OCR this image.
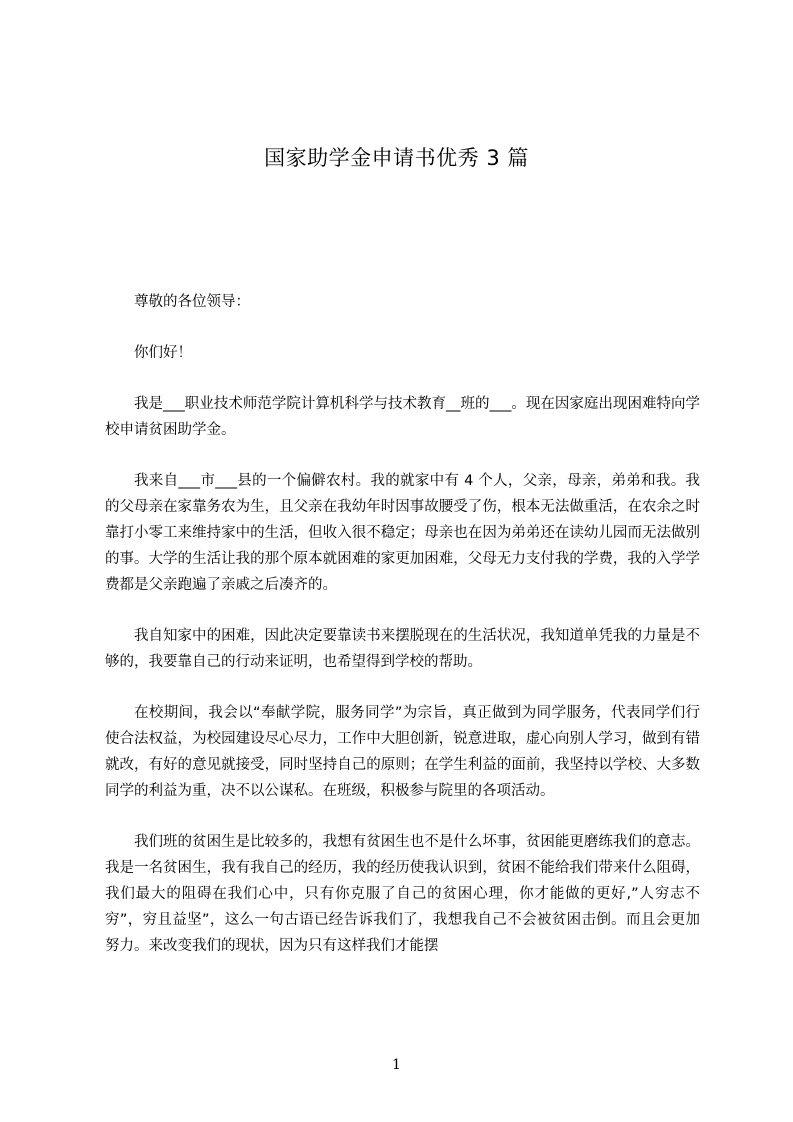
国家助学金申请书优秀 3 篇

尊敬的各位领导：

你们好！

我是___职业技术师范学院计算机科学与技术教育__班的___。现在因家庭出现困难特向学校申请贫困助学金。

我来自___市___县的一个偏僻农村。我的就家中有 4 个人，父亲，母亲，弟弟和我。我的父母亲在家靠务农为生，且父亲在我幼年时因事故腰受了伤，根本无法做重活，在农余之时靠打小零工来维持家中的生活，但收入很不稳定；母亲也在因为弟弟还在读幼儿园而无法做别的事。大学的生活让我的那个原本就困难的家更加困难，父母无力支付我的学费，我的入学学费都是父亲跑遍了亲戚之后凑齐的。

我自知家中的困难，因此决定要靠读书来摆脱现在的生活状况，我知道单凭我的力量是不够的，我要靠自己的行动来证明，也希望得到学校的帮助。

在校期间，我会以“奉献学院，服务同学”为宗旨，真正做到为同学服务，代表同学们行使合法权益，为校园建设尽心尽力，工作中大胆创新，锐意进取，虚心向别人学习，做到有错就改，有好的意见就接受，同时坚持自己的原则；在学生利益的面前，我坚持以学校、大多数同学的利益为重，决不以公谋私。在班级，积极参与院里的各项活动。

我们班的贫困生是比较多的，我想有贫困生也不是什么坏事，贫困能更磨练我们的意志。我是一名贫困生，我有我自己的经历，我的经历使我认识到，贫困不能给我们带来什么阻碍，我们最大的阻碍在我们心中，只有你克服了自己的贫困心理，你才能做的更好,”人穷志不穷”，穷且益坚”，这么一句古语已经告诉我们了，我想我自己不会被贫困击倒。而且会更加努力。来改变我们的现状，因为只有这样我们才能摆

1
